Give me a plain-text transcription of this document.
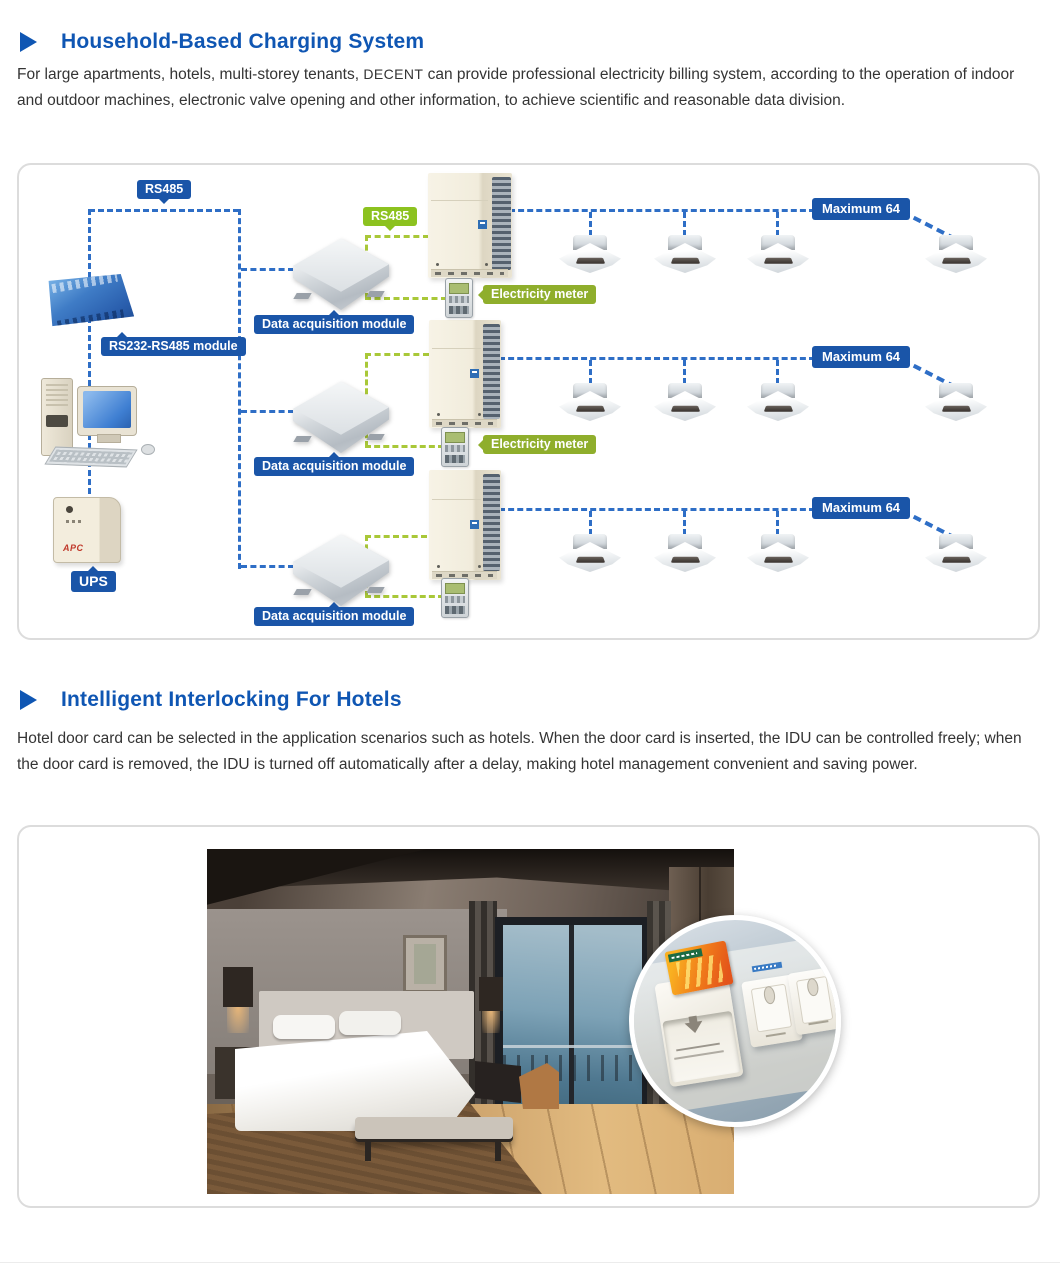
Household-Based Charging System

For large apartments, hotels, multi-storey tenants, DECENT can provide professional electricity billing system, according to the operation of indoor and outdoor machines, electronic valve opening and other information, to achieve scientific and reasonable data division.

APC
RS485
RS485
RS232-RS485 module
Data acquisition module
Data acquisition module
Data acquisition module
Electricity meter
Electricity meter
Maximum 64
Maximum 64
Maximum 64
UPS
Intelligent Interlocking For Hotels

Hotel door card can be selected in the application scenarios such as hotels. When the door card is inserted, the IDU can be controlled freely; when the door card is removed, the IDU is turned off automatically after a delay, making hotel management convenient and saving power.
